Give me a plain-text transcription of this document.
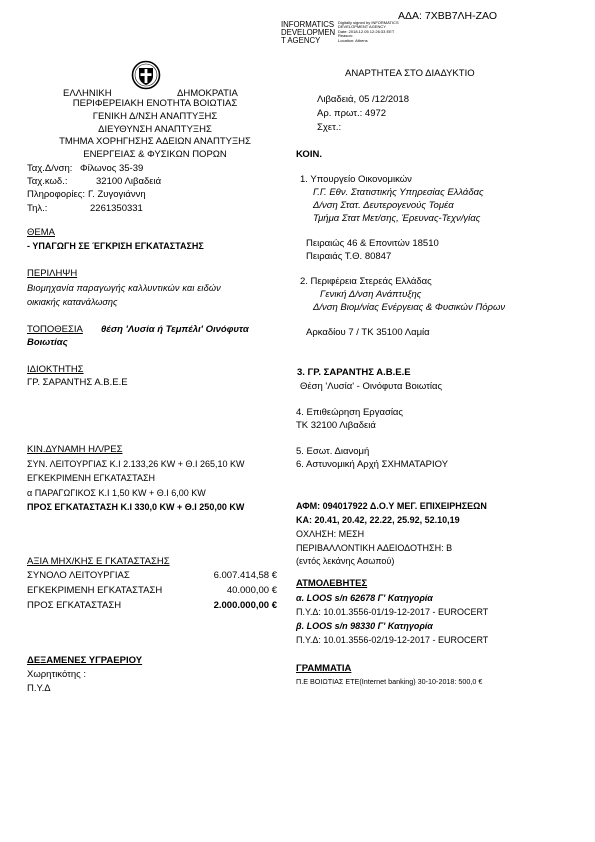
ΑΔΑ: 7ΧΒΒ7ΛΗ-ΖΑΟ
INFORMATICS
DEVELOPMEN
T AGENCY
Digitally signed by INFORMATICS
DEVELOPMENT AGENCY
Date: 2018.12.05 12:26:33 EET
Reason:
Location: Athens
ΕΛΛΗΝΙΚΗ	ΔΗΜΟΚΡΑΤΙΑ
ΠΕΡΙΦΕΡΕΙΑΚΗ ΕΝΟΤΗΤΑ ΒΟΙΩΤΙΑΣ
ΓΕΝΙΚΗ Δ/ΝΣΗ ΑΝΑΠΤΥΞΗΣ
ΔΙΕΥΘΥΝΣΗ ΑΝΑΠΤΥΞΗΣ
ΤΜΗΜΑ ΧΟΡΗΓΗΣΗΣ ΑΔΕΙΩΝ ΑΝΑΠΤΥΞΗΣ
ΕΝΕΡΓΕΙΑΣ & ΦΥΣΙΚΩΝ ΠΟΡΩΝ
Ταχ.Δ/νση: Φίλωνος 35-39
Ταχ.κωδ.:	32100 Λιβαδειά
Πληροφορίες: Γ. Ζυγογιάννη
Τηλ.:	2261350331
ΘΕΜΑ
- ΥΠΑΓΩΓΗ ΣΕ ΈΓΚΡΙΣΗ ΕΓΚΑΤΑΣΤΑΣΗΣ
ΠΕΡΙΛΗΨΗ
Βιομηχανία παραγωγής καλλυντικών και ειδών
οικιακής κατανάλωσης
ΤΟΠΟΘΕΣΙΑ θέση 'Λυσία ή Τεμπέλι' Οινόφυτα
Βοιωτίας
ΙΔΙΟΚΤΗΤΗΣ
ΓΡ. ΣΑΡΑΝΤΗΣ Α.Β.Ε.Ε
ΚΙΝ.ΔΥΝΑΜΗ ΗΛ/ΡΕΣ
ΣΥΝ. ΛΕΙΤΟΥΡΓΙΑΣ Κ.Ι 2.133,26 KW + Θ.Ι 265,10 KW
ΕΓΚΕΚΡΙΜΕΝΗ ΕΓΚΑΤΑΣΤΑΣΗ
α ΠΑΡΑΓΩΓΙΚΟΣ Κ.Ι 1,50 KW + Θ.Ι 6,00 KW
ΠΡΟΣ ΕΓΚΑΤΑΣΤΑΣΗ Κ.Ι 330,0 KW + Θ.Ι 250,00 KW
ΑΞΙΑ ΜΗΧ/ΚΗΣ Ε ΓΚΑΤΑΣΤΑΣΗΣ
ΣΥΝΟΛΟ ΛΕΙΤΟΥΡΓΙΑΣ	6.007.414,58 €
ΕΓΚΕΚΡΙΜΕΝΗ ΕΓΚΑΤΑΣΤΑΣΗ	40.000,00 €
ΠΡΟΣ ΕΓΚΑΤΑΣΤΑΣΗ	2.000.000,00 €
ΔΕΞΑΜΕΝΕΣ ΥΓΡΑΕΡΙΟΥ
Χωρητικότης :
Π.Υ.Δ
ΑΝΑΡΤΗΤΕΑ ΣΤΟ ΔΙΑΔΥΚΤΙΟ
Λιβαδειά, 05 /12/2018
Αρ. πρωτ.: 4972
Σχετ.:
ΚΟΙΝ.
1. Υπουργείο Οικονομικών
Γ.Γ. Εθν. Στατιστικής Υπηρεσίας Ελλάδας
Δ/νση Στατ. Δευτερογενούς Τομέα
Τμήμα Στατ Μετ/σης, Έρευνας-Τεχν/γίας
Πειραιώς 46 & Επονιτών 18510
Πειραιάς Τ.Θ. 80847
2. Περιφέρεια Στερεάς Ελλάδας
Γενική Δ/νση Ανάπτυξης
Δ/νση Βιομ/νίας Ενέργειας & Φυσικών Πόρων
Αρκαδίου 7 / ΤΚ 35100 Λαμία
3. ΓΡ. ΣΑΡΑΝΤΗΣ Α.Β.Ε.Ε
Θέση 'Λυσία' - Οινόφυτα Βοιωτίας
4. Επιθεώρηση Εργασίας
ΤΚ 32100 Λιβαδειά
5. Εσωτ. Διανομή
6. Αστυνομική Αρχή ΣΧΗΜΑΤΑΡΙΟΥ
ΑΦΜ: 094017922 Δ.Ο.Υ ΜΕΓ. ΕΠΙΧΕΙΡΗΣΕΩΝ
ΚΑ: 20.41, 20.42, 22.22, 25.92, 52.10,19
ΟΧΛΗΣΗ: ΜΕΣΗ
ΠΕΡΙΒΑΛΛΟΝΤΙΚΗ ΑΔΕΙΟΔΟΤΗΣΗ: Β
(εντός λεκάνης Ασωπού)
ΑΤΜΟΛΕΒΗΤΕΣ
α. LOOS s/n 62678 Γ' Κατηγορία
Π.Υ.Δ: 10.01.3556-01/19-12-2017 - EUROCERT
β. LOOS s/n 98330 Γ' Κατηγορία
Π.Υ.Δ: 10.01.3556-02/19-12-2017 - EUROCERT
ΓΡΑΜΜΑΤΙΑ
Π.Ε ΒΟΙΩΤΙΑΣ ΕΤΕ(Internet banking) 30-10-2018: 500,0 €
